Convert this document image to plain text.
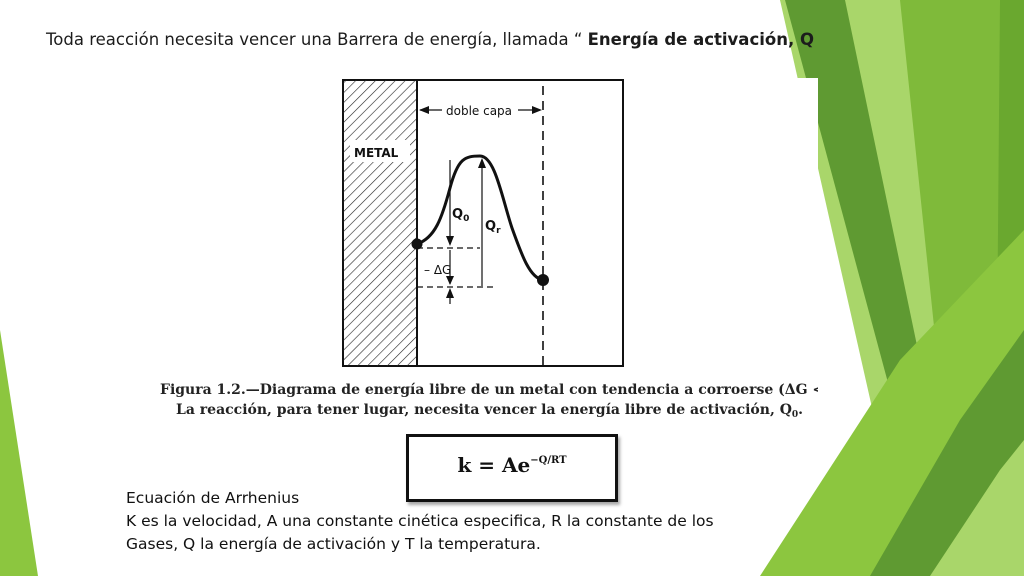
Toda reacción necesita vencer una Barrera de energía, llamada “ Energía de activación, Q
METAL
doble capa
$Q_0$ $Q_r$
– ΔG
Figura 1.2.—Diagrama de energía libre de un metal con tendencia a corroerse (ΔG < 0).
La reacción, para tener lugar, necesita vencer la energía libre de activación, $Q_0$.
$k = Ae^{-Q/RT}$
Ecuación de Arrhenius
K es la velocidad, A una constante cinética especifica, R la constante de los
Gases, Q la energía de activación y T la temperatura.
